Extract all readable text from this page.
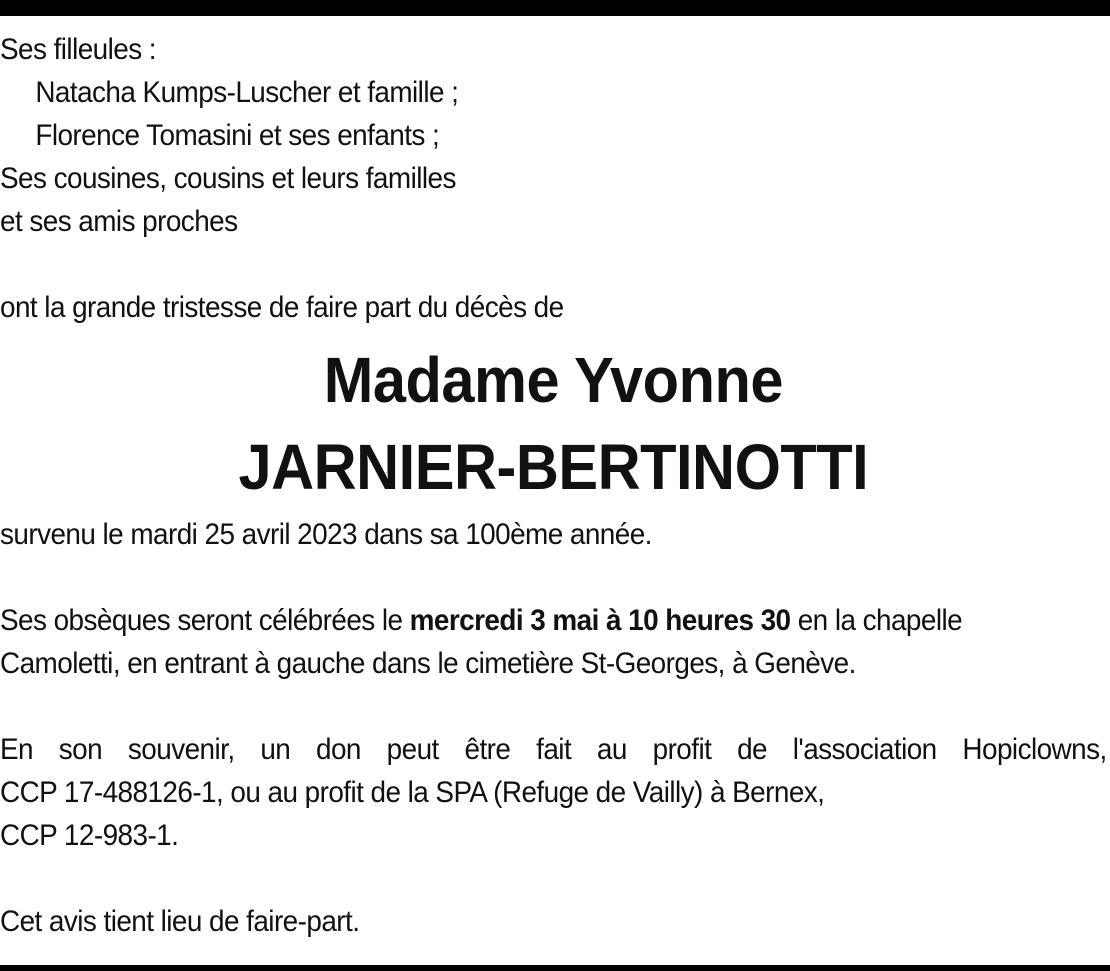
Ses filleules :

Natacha Kumps-Luscher et famille ;

Florence Tomasini et ses enfants ;

Ses cousines, cousins et leurs familles

et ses amis proches

ont la grande tristesse de faire part du décès de

Madame Yvonne
JARNIER-BERTINOTTI

survenu le mardi 25 avril 2023 dans sa 100ème année.

Ses obsèques seront célébrées le mercredi 3 mai à 10 heures 30 en la chapelle

Camoletti, en entrant à gauche dans le cimetière St-Georges, à Genève.

En son souvenir, un don peut être fait au profit de l'association Hopiclowns,

CCP 17-488126-1, ou au profit de la SPA (Refuge de Vailly) à Bernex,

CCP 12-983-1.

Cet avis tient lieu de faire-part.
